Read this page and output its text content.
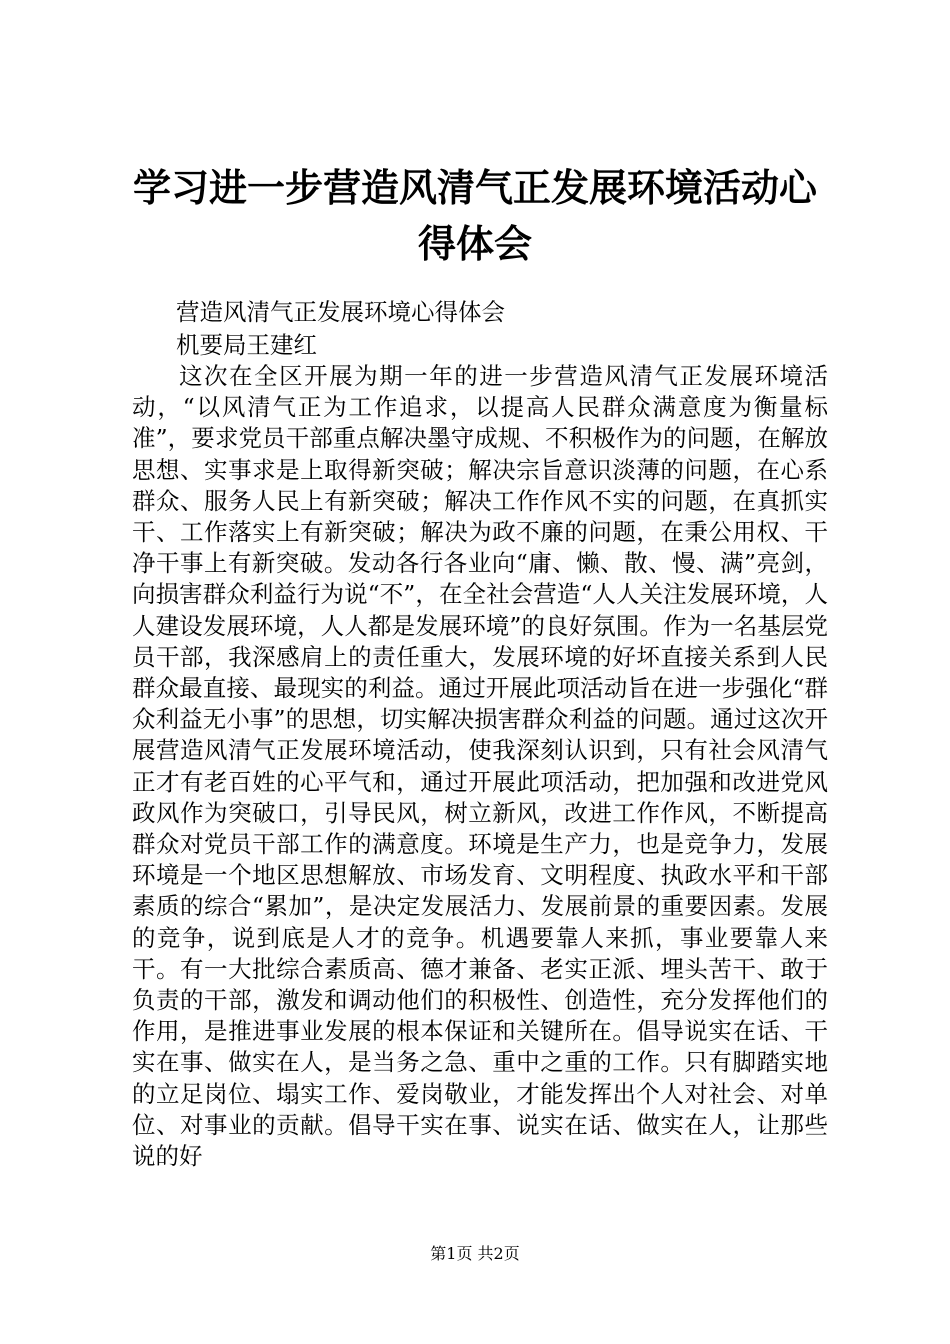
学习进一步营造风清气正发展环境活动心得体会

营造风清气正发展环境心得体会

机要局王建红

这次在全区开展为期一年的进一步营造风清气正发展环境活动，“以风清气正为工作追求，以提高人民群众满意度为衡量标准”，要求党员干部重点解决墨守成规、不积极作为的问题，在解放思想、实事求是上取得新突破；解决宗旨意识淡薄的问题，在心系群众、服务人民上有新突破；解决工作作风不实的问题，在真抓实干、工作落实上有新突破；解决为政不廉的问题，在秉公用权、干净干事上有新突破。发动各行各业向“庸、懒、散、慢、满”亮剑，向损害群众利益行为说“不”，在全社会营造“人人关注发展环境，人人建设发展环境，人人都是发展环境”的良好氛围。作为一名基层党员干部，我深感肩上的责任重大，发展环境的好坏直接关系到人民群众最直接、最现实的利益。通过开展此项活动旨在进一步强化“群众利益无小事”的思想，切实解决损害群众利益的问题。通过这次开展营造风清气正发展环境活动，使我深刻认识到，只有社会风清气正才有老百姓的心平气和，通过开展此项活动，把加强和改进党风政风作为突破口，引导民风，树立新风，改进工作作风，不断提高群众对党员干部工作的满意度。环境是生产力，也是竞争力，发展环境是一个地区思想解放、市场发育、文明程度、执政水平和干部素质的综合“累加”，是决定发展活力、发展前景的重要因素。发展的竞争，说到底是人才的竞争。机遇要靠人来抓，事业要靠人来干。有一大批综合素质高、德才兼备、老实正派、埋头苦干、敢于负责的干部，激发和调动他们的积极性、创造性，充分发挥他们的作用，是推进事业发展的根本保证和关键所在。倡导说实在话、干实在事、做实在人，是当务之急、重中之重的工作。只有脚踏实地的立足岗位、塌实工作、爱岗敬业，才能发挥出个人对社会、对单位、对事业的贡献。倡导干实在事、说实在话、做实在人，让那些说的好

第1页 共2页
